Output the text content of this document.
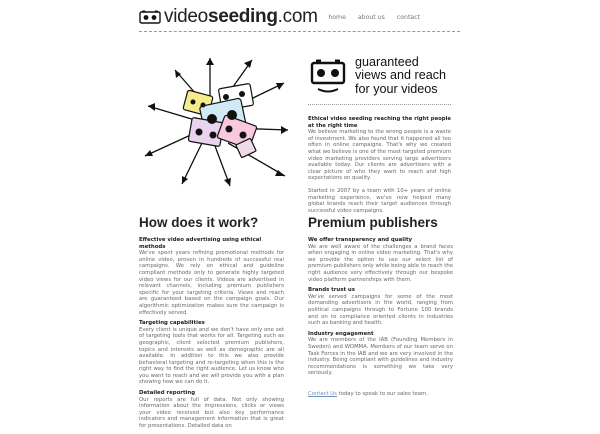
videoseeding.com home about us contact
guaranteed
views and reach
for your videos

Ethical video seeding reaching the right people at the right time
We believe marketing to the wrong people is a waste of investment. We also found that it happened all too often in online campaigns. That's why we created what we believe is one of the most targeted premium video marketing providers serving large advertisers available today. Our clients are advertisers with a clear picture of who they want to reach and high expectations on quality.

Started in 2007 by a team with 10+ years of online marketing experience, we've now helped many global brands reach their target audiences through successful video campaigns.

How does it work?
Effective video advertising using ethical methods

We've spent years refining promotional methods for online video, proven in hundreds of successful real campaigns. We rely on ethical and guideline compliant methods only to generate highly targeted video views for our clients. Videos are advertised in relevant channels, including premium publishers specific for your targeting criteria. Views and reach are guaranteed based on the campaign goals. Our algorithmic optimization makes sure the campaign is effectively served.

Targeting capabilities

Every client is unique and we don't have only one set of targeting tools that works for all. Targeting such as geographic, client selected premium publishers, topics and interests as well as demographic are all available. In addition to this we also provide behavioral targeting and re-targeting when this is the right way to find the right audience. Let us know who you want to reach and we will provide you with a plan showing how we can do it.

Detailed reporting

Our reports are full of data. Not only showing information about the impressions, clicks or views your video received but also key performance indicators and management information that is great for presentations. Detailed data on

Premium publishers
We offer transparency and quality

We are well aware of the challenges a brand faces when engaging in online video marketing. That's why we provide the option to use our select list of premium publishers only while being able to reach the right audience very effectively through our bespoke video platform partnerships with them.

Brands trust us

We've served campaigns for some of the most demanding advertisers in the world, ranging from political campaigns through to Fortune 100 brands and on to compliance oriented clients in industries such as banking and health.

Industry engagement

We are members of the IAB (Founding Members in Sweden) and WOMMA. Members of our team serve on Task Forces in the IAB and we are very involved in the industry. Being compliant with guidelines and industry recommendations is something we take very seriously.

Contact Us today to speak to our sales team.
